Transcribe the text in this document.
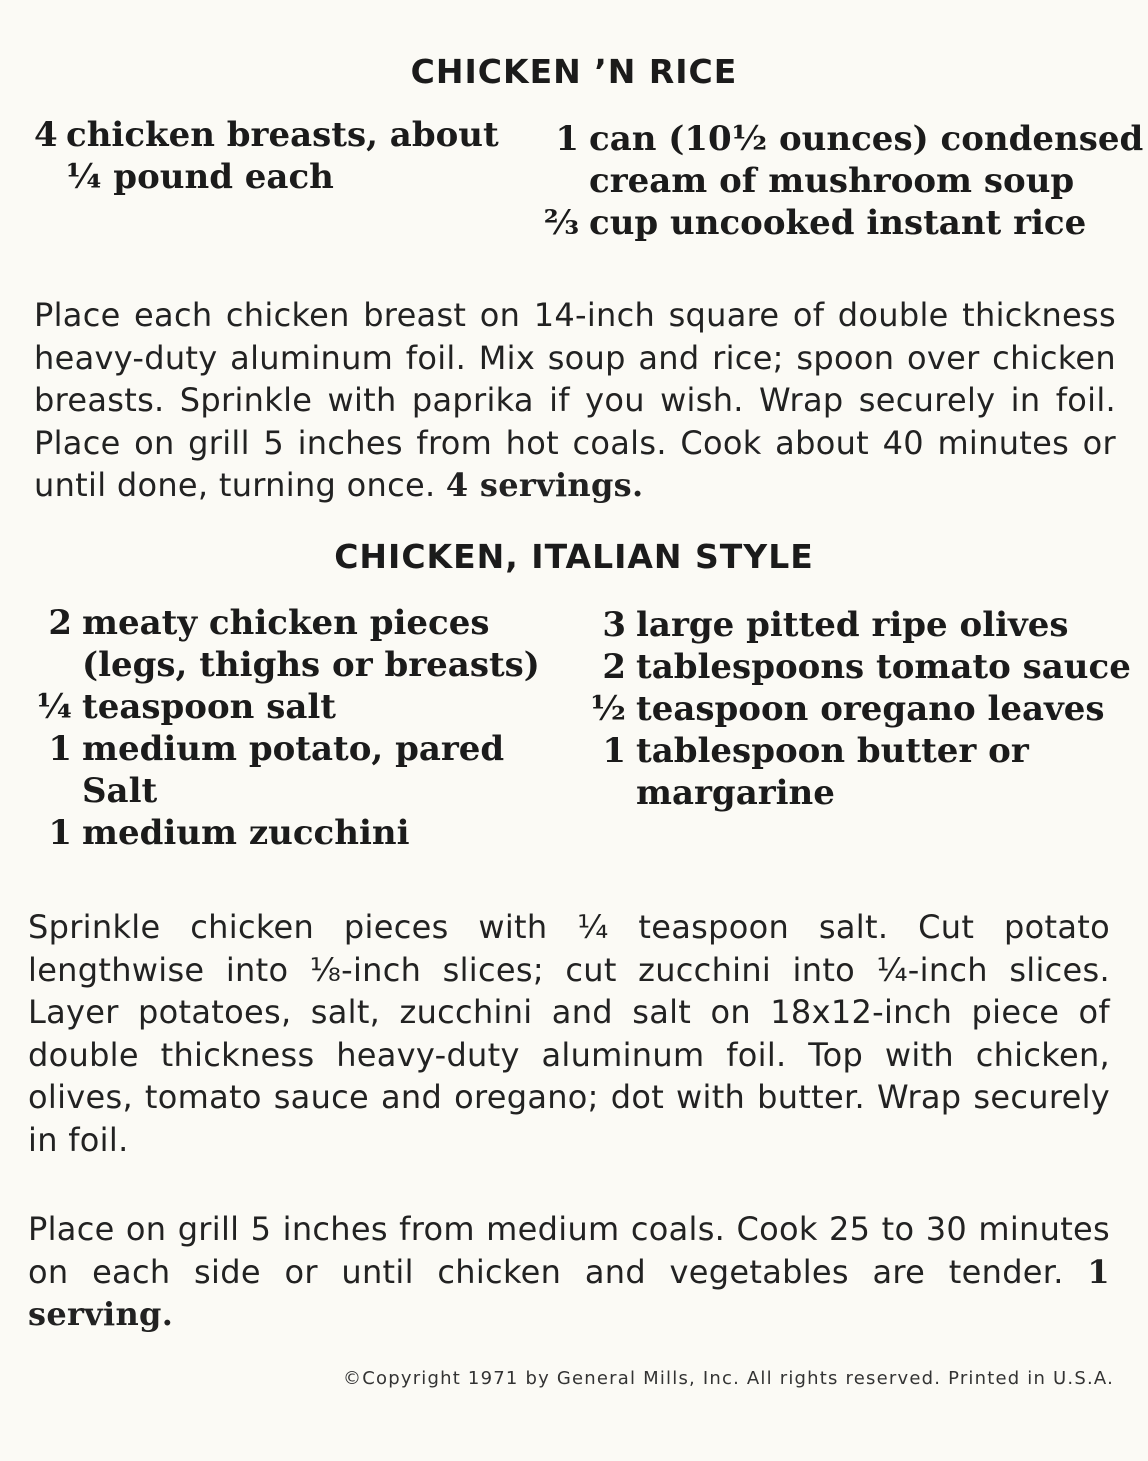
CHICKEN ’N RICE
4 chicken breasts, about
¼ pound each
1 can (10½ ounces) condensed
cream of mushroom soup
⅔ cup uncooked instant rice

Place each chicken breast on 14-inch square of double thickness heavy-duty aluminum foil. Mix soup and rice; spoon over chicken breasts. Sprinkle with paprika if you wish. Wrap securely in foil. Place on grill 5 inches from hot coals. Cook about 40 minutes or until done, turning once. 4 servings.

CHICKEN, ITALIAN STYLE
2 meaty chicken pieces
(legs, thighs or breasts)
¼ teaspoon salt
1 medium potato, pared
Salt
1 medium zucchini
3 large pitted ripe olives
2 tablespoons tomato sauce
½ teaspoon oregano leaves
1 tablespoon butter or
margarine

Sprinkle chicken pieces with ¼ teaspoon salt. Cut potato lengthwise into ⅛-inch slices; cut zucchini into ¼-inch slices. Layer potatoes, salt, zucchini and salt on 18x12-inch piece of double thickness heavy-duty aluminum foil. Top with chicken, olives, tomato sauce and oregano; dot with butter. Wrap securely in foil.

Place on grill 5 inches from medium coals. Cook 25 to 30 minutes on each side or until chicken and vegetables are tender. 1 serving.

©Copyright 1971 by General Mills, Inc. All rights reserved. Printed in U.S.A.
